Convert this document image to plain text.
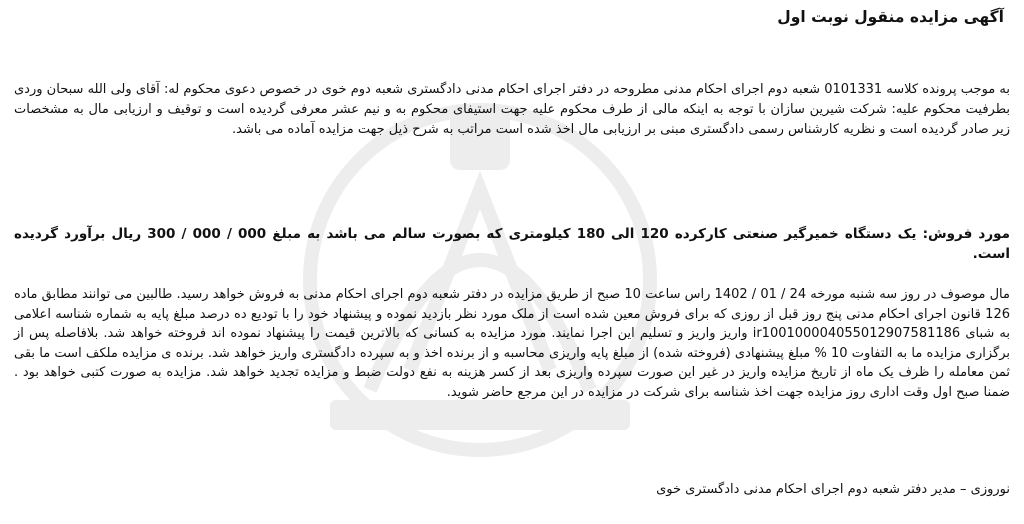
آگهی مزایده منقول نوبت اول
به موجب پرونده کلاسه 0101331 شعبه دوم اجرای احکام مدنی مطروحه در دفتر اجرای احکام مدنی دادگستری شعبه دوم خوی در خصوص دعوی محکوم له: آقای ولی الله سبحان وردی بطرفیت محکوم علیه: شرکت شیرین سازان با توجه به اینکه مالی از طرف محکوم علیه جهت استیفای محکوم به و نیم عشر معرفی گردیده است و توقیف و ارزیابی مال به مشخصات زیر صادر گردیده است و نظریه کارشناس رسمی دادگستری مبنی بر ارزیابی مال اخذ شده است مراتب به شرح ذیل جهت مزایده آماده می باشد.
مورد فروش: یک دستگاه خمیرگیر صنعتی کارکرده 120 الی 180 کیلومتری که بصورت سالم می باشد به مبلغ 000 / 000 / 300 ریال برآورد گردیده است.
مال موصوف در روز سه شنبه مورخه 24 / 01 / 1402 راس ساعت 10 صبح از طریق مزایده در دفتر شعبه دوم اجرای احکام مدنی به فروش خواهد رسید. طالبین می توانند مطابق ماده 126 قانون اجرای احکام مدنی پنج روز قبل از روزی که برای فروش معین شده است از ملک مورد نظر بازدید نموده و پیشنهاد خود را با تودیع ده درصد مبلغ پایه به شماره شناسه اعلامی به شبای ir100100004055012907581186 واریز واریز و تسلیم این اجرا نمایند. مورد مزایده به کسانی که بالاترین قیمت را پیشنهاد نموده اند فروخته خواهد شد. بلافاصله پس از برگزاری مزایده ما به التفاوت 10 % مبلغ پیشنهادی (فروخته شده) از مبلغ پایه واریزی محاسبه و از برنده اخذ و به سپرده دادگستری واریز خواهد شد. برنده ی مزایده ملکف است ما بقی ثمن معامله را ظرف یک ماه از تاریخ مزایده واریز در غیر این صورت سپرده واریزی بعد از کسر هزینه به نفع دولت ضبط و مزایده تجدید خواهد شد. مزایده به صورت کتبی خواهد بود . ضمنا صبح اول وقت اداری روز مزایده جهت اخذ شناسه برای شرکت در مزایده در این مرجع حاضر شوید.
نوروزی – مدیر دفتر شعبه دوم اجرای احکام مدنی دادگستری خوی
